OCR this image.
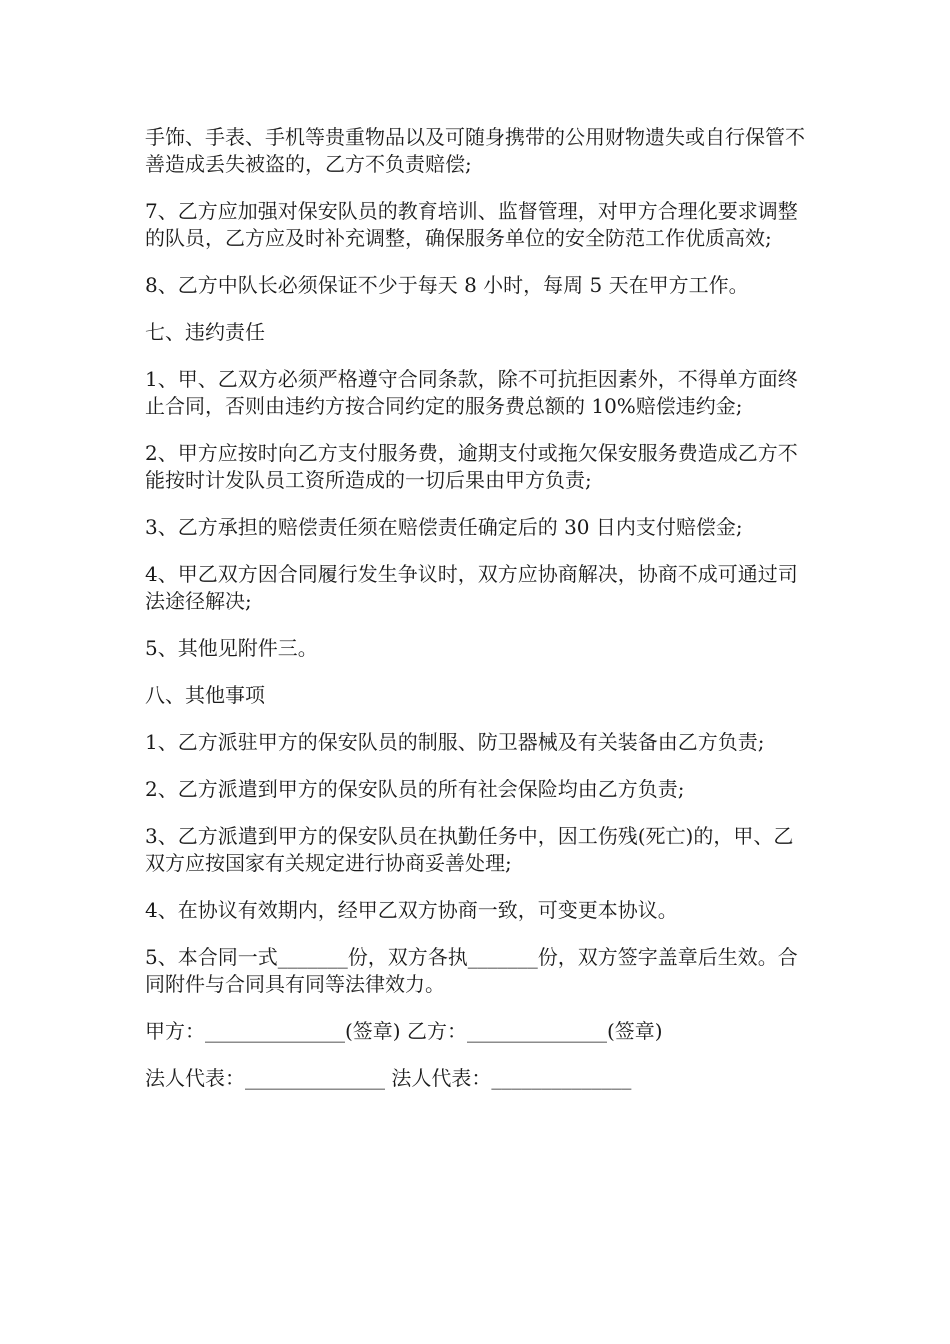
手饰、手表、手机等贵重物品以及可随身携带的公用财物遗失或自行保管不善造成丢失被盗的，乙方不负责赔偿;

7、乙方应加强对保安队员的教育培训、监督管理，对甲方合理化要求调整的队员，乙方应及时补充调整，确保服务单位的安全防范工作优质高效;

8、乙方中队长必须保证不少于每天 8 小时，每周 5 天在甲方工作。

七、违约责任

1、甲、乙双方必须严格遵守合同条款，除不可抗拒因素外，不得单方面终止合同，否则由违约方按合同约定的服务费总额的 10%赔偿违约金;

2、甲方应按时向乙方支付服务费，逾期支付或拖欠保安服务费造成乙方不能按时计发队员工资所造成的一切后果由甲方负责;

3、乙方承担的赔偿责任须在赔偿责任确定后的 30 日内支付赔偿金;

4、甲乙双方因合同履行发生争议时，双方应协商解决，协商不成可通过司法途径解决;

5、其他见附件三。

八、其他事项

1、乙方派驻甲方的保安队员的制服、防卫器械及有关装备由乙方负责;

2、乙方派遣到甲方的保安队员的所有社会保险均由乙方负责;

3、乙方派遣到甲方的保安队员在执勤任务中，因工伤残(死亡)的，甲、乙双方应按国家有关规定进行协商妥善处理;

4、在协议有效期内，经甲乙双方协商一致，可变更本协议。

5、本合同一式_______份，双方各执_______份，双方签字盖章后生效。合同附件与合同具有同等法律效力。

甲方：______________(签章) 乙方：______________(签章)
法人代表：______________ 法人代表：______________
